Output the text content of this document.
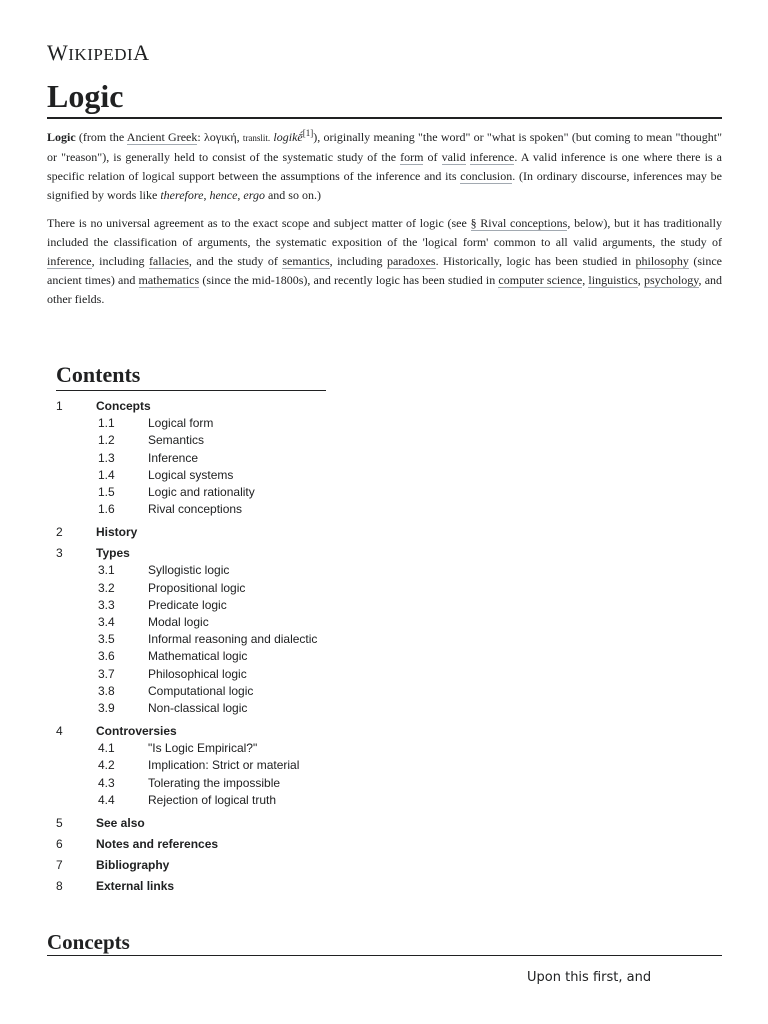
WIKIPEDIA
Logic

Logic (from the Ancient Greek: λογική, translit. logikḗ[1]), originally meaning "the word" or "what is spoken" (but coming to mean "thought" or "reason"), is generally held to consist of the systematic study of the form of valid inference. A valid inference is one where there is a specific relation of logical support between the assumptions of the inference and its conclusion. (In ordinary discourse, inferences may be signified by words like therefore, hence, ergo and so on.)

There is no universal agreement as to the exact scope and subject matter of logic (see § Rival conceptions, below), but it has traditionally included the classification of arguments, the systematic exposition of the 'logical form' common to all valid arguments, the study of inference, including fallacies, and the study of semantics, including paradoxes. Historically, logic has been studied in philosophy (since ancient times) and mathematics (since the mid-1800s), and recently logic has been studied in computer science, linguistics, psychology, and other fields.

Contents
1	Concepts
1.1	Logical form
1.2	Semantics
1.3	Inference
1.4	Logical systems
1.5	Logic and rationality
1.6	Rival conceptions
2	History
3	Types
3.1	Syllogistic logic
3.2	Propositional logic
3.3	Predicate logic
3.4	Modal logic
3.5	Informal reasoning and dialectic
3.6	Mathematical logic
3.7	Philosophical logic
3.8	Computational logic
3.9	Non-classical logic
4	Controversies
4.1	"Is Logic Empirical?"
4.2	Implication: Strict or material
4.3	Tolerating the impossible
4.4	Rejection of logical truth
5	See also
6	Notes and references
7	Bibliography
8	External links
Concepts
Upon this first, and
